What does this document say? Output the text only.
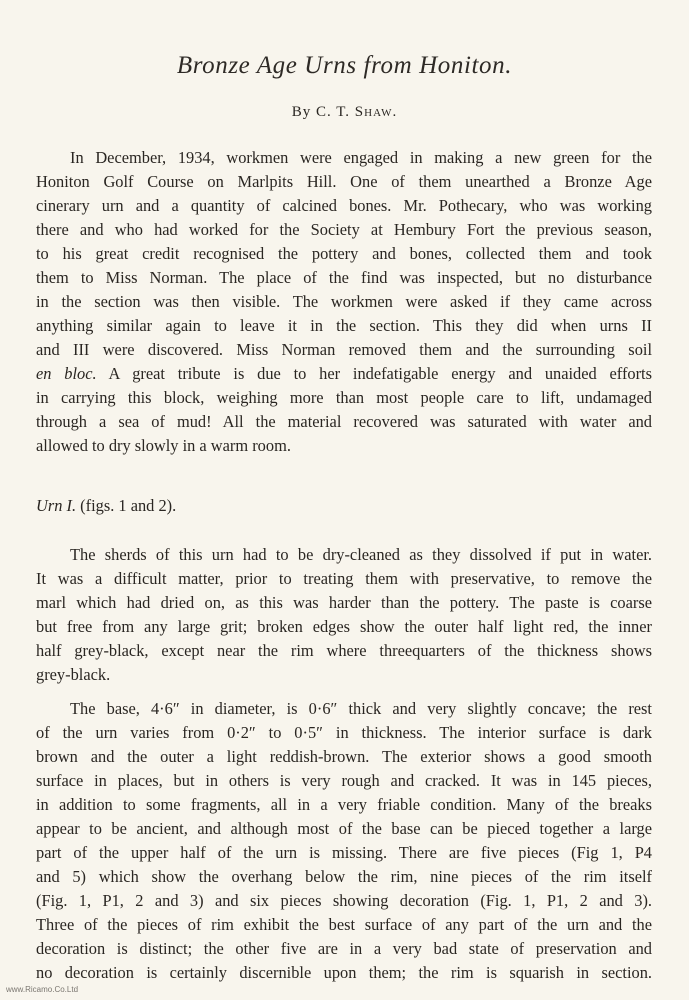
Bronze Age Urns from Honiton.
By C. T. Shaw.
In December, 1934, workmen were engaged in making a new green for the
Honiton Golf Course on Marlpits Hill. One of them unearthed a Bronze Age
cinerary urn and a quantity of calcined bones. Mr. Pothecary, who was working
there and who had worked for the Society at Hembury Fort the previous season,
to his great credit recognised the pottery and bones, collected them and took
them to Miss Norman. The place of the find was inspected, but no disturbance
in the section was then visible. The workmen were asked if they came across
anything similar again to leave it in the section. This they did when urns II
and III were discovered. Miss Norman removed them and the surrounding soil
en bloc. A great tribute is due to her indefatigable energy and unaided efforts
in carrying this block, weighing more than most people care to lift, undamaged
through a sea of mud! All the material recovered was saturated with water and
allowed to dry slowly in a warm room.
Urn I. (figs. 1 and 2).
The sherds of this urn had to be dry-cleaned as they dissolved if put in water.
It was a difficult matter, prior to treating them with preservative, to remove the
marl which had dried on, as this was harder than the pottery. The paste is coarse
but free from any large grit; broken edges show the outer half light red, the inner
half grey-black, except near the rim where threequarters of the thickness shows
grey-black.
The base, 4·6″ in diameter, is 0·6″ thick and very slightly concave; the rest
of the urn varies from 0·2″ to 0·5″ in thickness. The interior surface is dark
brown and the outer a light reddish-brown. The exterior shows a good smooth
surface in places, but in others is very rough and cracked. It was in 145 pieces,
in addition to some fragments, all in a very friable condition. Many of the breaks
appear to be ancient, and although most of the base can be pieced together a large
part of the upper half of the urn is missing. There are five pieces (Fig 1, P4
and 5) which show the overhang below the rim, nine pieces of the rim itself
(Fig. 1, P1, 2 and 3) and six pieces showing decoration (Fig. 1, P1, 2 and 3).
Three of the pieces of rim exhibit the best surface of any part of the urn and the
decoration is distinct; the other five are in a very bad state of preservation and
no decoration is certainly discernible upon them; the rim is squarish in section.
www.Ricamo.Co.Ltd
